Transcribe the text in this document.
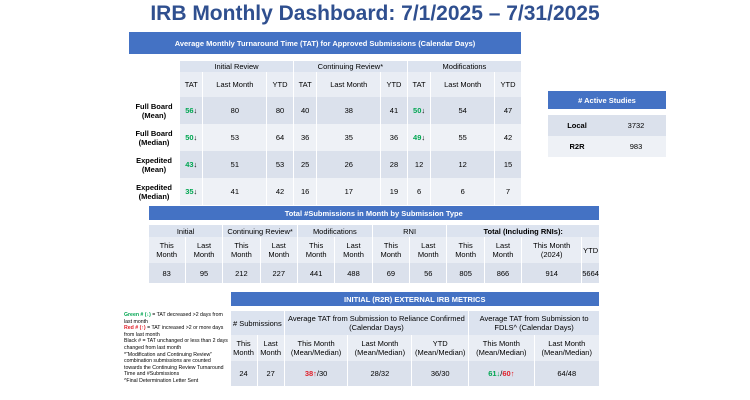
IRB Monthly Dashboard: 7/1/2025 – 7/31/2025
Average Monthly Turnaround Time (TAT) for Approved Submissions (Calendar Days)									

	Initial Review			Continuing Review*			Modifications		
	TAT	Last Month	YTD	TAT	Last Month	YTD	TAT	Last Month	YTD
Full Board (Mean)	56↓	80	80	40	38	41	50↓	54	47
Full Board (Median)	50↓	53	64	36	35	36	49↓	55	42
Expedited (Mean)	43↓	51	53	25	26	28	12	12	15
Expedited (Median)	35↓	41	42	16	17	19	6	6	7
# Active Studies	

Local	3732
R2R	983
Total #Submissions in Month by Submission Type											

Initial		Continuing Review*		Modifications		RNI		Total (Including RNIs):			
This Month	Last Month	This Month	Last Month	This Month	Last Month	This Month	Last Month	This Month	Last Month	This Month (2024)	YTD
83	95	212	227	441	488	69	56	805	866	914	5664
INITIAL (R2R) EXTERNAL IRB METRICS						

# Submissions		Average TAT from Submission to Reliance Confirmed (Calendar Days)			Average TAT from Submission to FDLS^ (Calendar Days)	
This Month	Last Month	This Month (Mean/Median)	Last Month (Mean/Median)	YTD (Mean/Median)	This Month (Mean/Median)	Last Month (Mean/Median)
24	27	38↑/30	28/32	36/30	61↓/60↑	64/48
Green # (↓) = TAT decreased >2 days from last month
Red # (↑) = TAT increased >2 or more days from last month
Black # = TAT unchanged or less than 2 days changed from last month
*“Modification and Continuing Review” combination submissions are counted towards the Continuing Review Turnaround Time and #Submissions
^Final Determination Letter Sent
